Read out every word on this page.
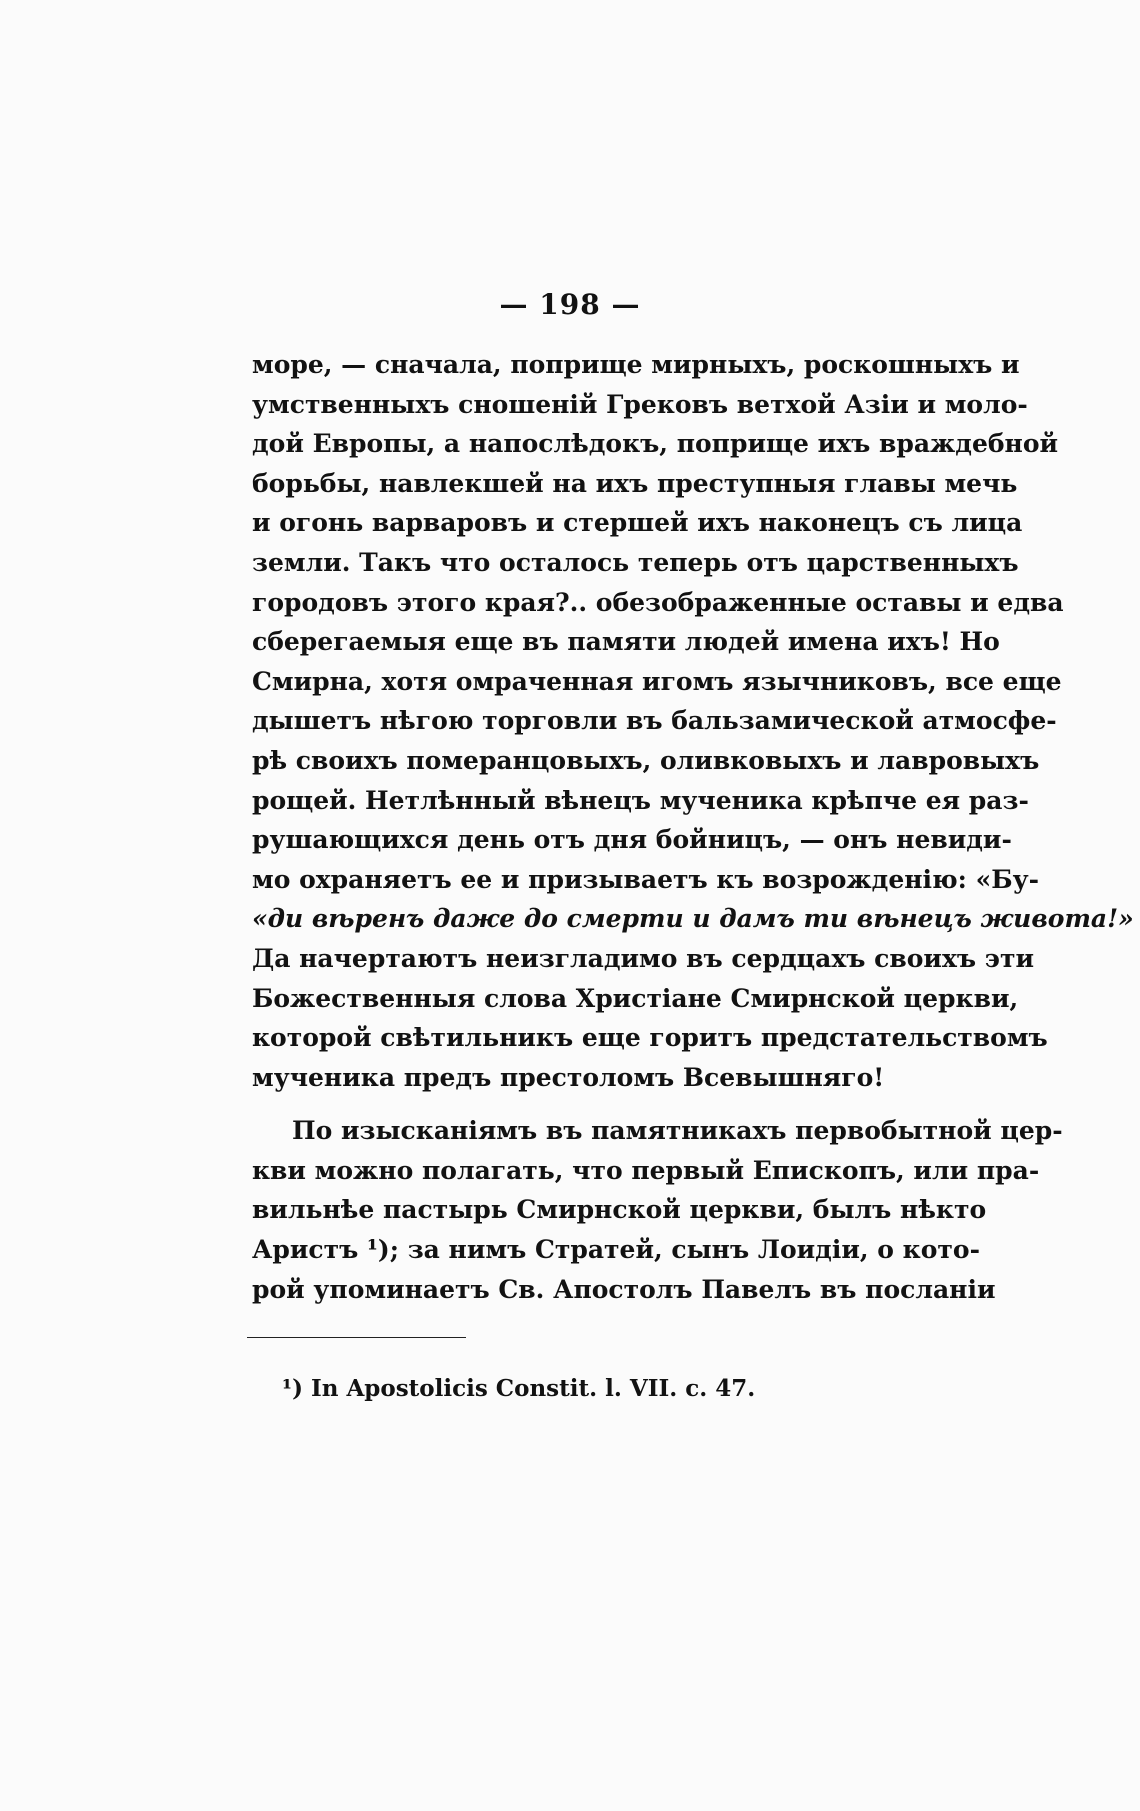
— 198 —
море, — сначала, поприще мирныхъ, роскошныхъ и
умственныхъ сношенiй Грековъ ветхой Азiи и моло-
дой Европы, а напослѣдокъ, поприще ихъ враждебной
борьбы, навлекшей на ихъ преступныя главы мечь
и огонь варваровъ и стершей ихъ наконецъ съ лица
земли. Такъ что осталось теперь отъ царственныхъ
городовъ этого края?.. обезображенные оставы и едва
сберегаемыя еще въ памяти людей имена ихъ! Но
Смирна, хотя омраченная игомъ язычниковъ, все еще
дышетъ нѣгою торговли въ бальзамической атмосфе-
рѣ своихъ померанцовыхъ, оливковыхъ и лавровыхъ
рощей. Нетлѣнный вѣнецъ мученика крѣпче ея раз-
рушающихся день отъ дня бойницъ, — онъ невиди-
мо охраняетъ ее и призываетъ къ возрожденiю: «Бу-
«ди вѣренъ даже до смерти и дамъ ти вѣнецъ живота!»
Да начертаютъ неизгладимо въ сердцахъ своихъ эти
Божественныя слова Христiане Смирнской церкви,
которой свѣтильникъ еще горитъ предстательствомъ
мученика предъ престоломъ Всевышняго!
По изысканiямъ въ памятникахъ первобытной цер-
кви можно полагать, что первый Епископъ, или пра-
вильнѣе пастырь Смирнской церкви, былъ нѣкто
Аристъ ¹); за нимъ Стратей, сынъ Лоидiи, о кото-
рой упоминаетъ Св. Апостолъ Павелъ въ посланiи
¹) In Apostolicis Constit. l. VII. c. 47.
